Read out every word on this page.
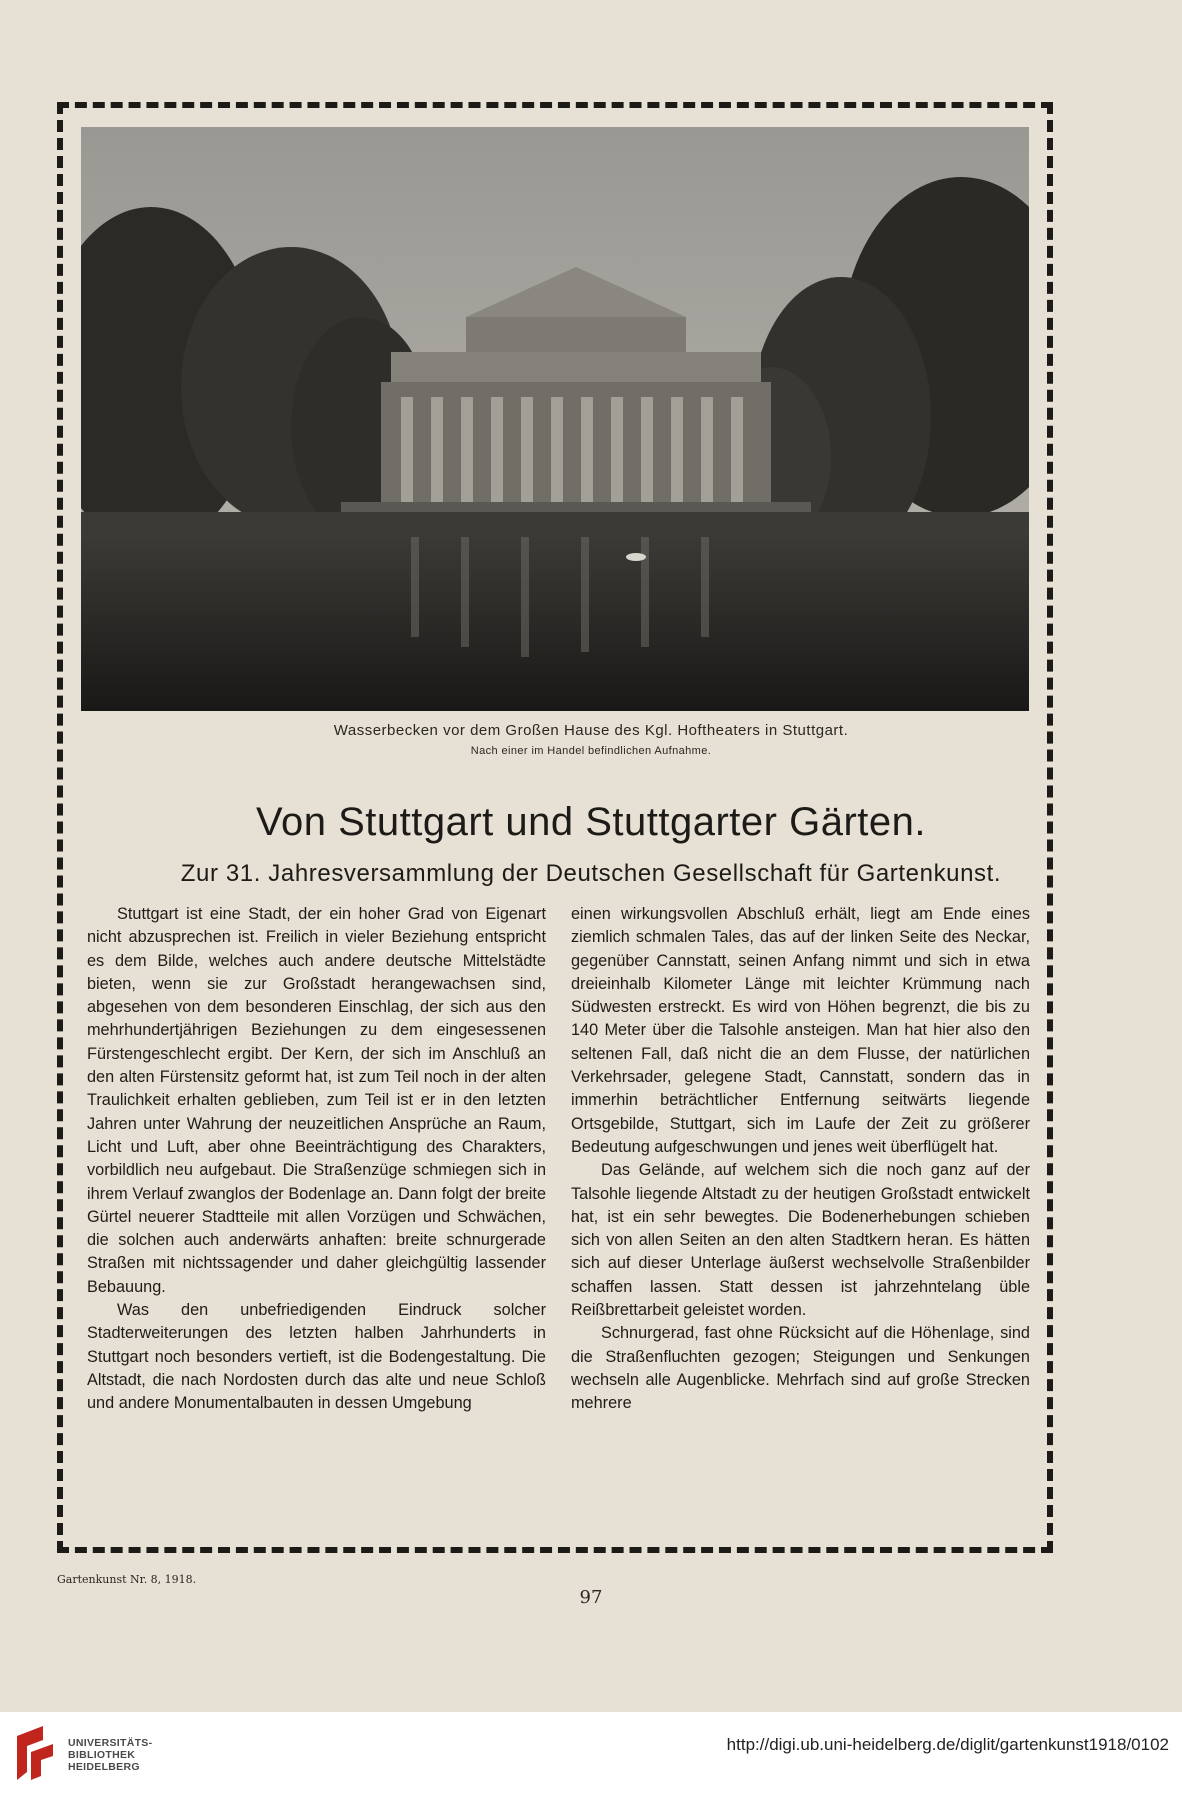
Wasserbecken vor dem Großen Hause des Kgl. Hoftheaters in Stuttgart.
Nach einer im Handel befindlichen Aufnahme.
Von Stuttgart und Stuttgarter Gärten.
Zur 31. Jahresversammlung der Deutschen Gesellschaft für Gartenkunst.

Stuttgart ist eine Stadt, der ein hoher Grad von Eigenart nicht abzusprechen ist. Freilich in vieler Beziehung entspricht es dem Bilde, welches auch andere deutsche Mittelstädte bieten, wenn sie zur Großstadt herangewachsen sind, abgesehen von dem besonderen Einschlag, der sich aus den mehrhundertjährigen Beziehungen zu dem eingesessenen Fürstengeschlecht ergibt. Der Kern, der sich im Anschluß an den alten Fürstensitz geformt hat, ist zum Teil noch in der alten Traulichkeit erhalten geblieben, zum Teil ist er in den letzten Jahren unter Wahrung der neuzeitlichen Ansprüche an Raum, Licht und Luft, aber ohne Beeinträchtigung des Charakters, vorbildlich neu aufgebaut. Die Straßenzüge schmiegen sich in ihrem Verlauf zwanglos der Bodenlage an. Dann folgt der breite Gürtel neuerer Stadtteile mit allen Vorzügen und Schwächen, die solchen auch anderwärts anhaften: breite schnurgerade Straßen mit nichtssagender und daher gleichgültig lassender Bebauung.

Was den unbefriedigenden Eindruck solcher Stadterweiterungen des letzten halben Jahrhunderts in Stuttgart noch besonders vertieft, ist die Bodengestaltung. Die Altstadt, die nach Nordosten durch das alte und neue Schloß und andere Monumentalbauten in dessen Umgebung

einen wirkungsvollen Abschluß erhält, liegt am Ende eines ziemlich schmalen Tales, das auf der linken Seite des Neckar, gegenüber Cannstatt, seinen Anfang nimmt und sich in etwa dreieinhalb Kilometer Länge mit leichter Krümmung nach Südwesten erstreckt. Es wird von Höhen begrenzt, die bis zu 140 Meter über die Talsohle ansteigen. Man hat hier also den seltenen Fall, daß nicht die an dem Flusse, der natürlichen Verkehrsader, gelegene Stadt, Cannstatt, sondern das in immerhin beträchtlicher Entfernung seitwärts liegende Ortsgebilde, Stuttgart, sich im Laufe der Zeit zu größerer Bedeutung aufgeschwungen und jenes weit überflügelt hat.

Das Gelände, auf welchem sich die noch ganz auf der Talsohle liegende Altstadt zu der heutigen Großstadt entwickelt hat, ist ein sehr bewegtes. Die Bodenerhebungen schieben sich von allen Seiten an den alten Stadtkern heran. Es hätten sich auf dieser Unterlage äußerst wechselvolle Straßenbilder schaffen lassen. Statt dessen ist jahrzehntelang üble Reißbrettarbeit geleistet worden.

Schnurgerad, fast ohne Rücksicht auf die Höhenlage, sind die Straßenfluchten gezogen; Steigungen und Senkungen wechseln alle Augenblicke. Mehrfach sind auf große Strecken mehrere

Gartenkunst Nr. 8, 1918.
97
UNIVERSITÄTS-
BIBLIOTHEK
HEIDELBERG
http://digi.ub.uni-heidelberg.de/diglit/gartenkunst1918/0102
